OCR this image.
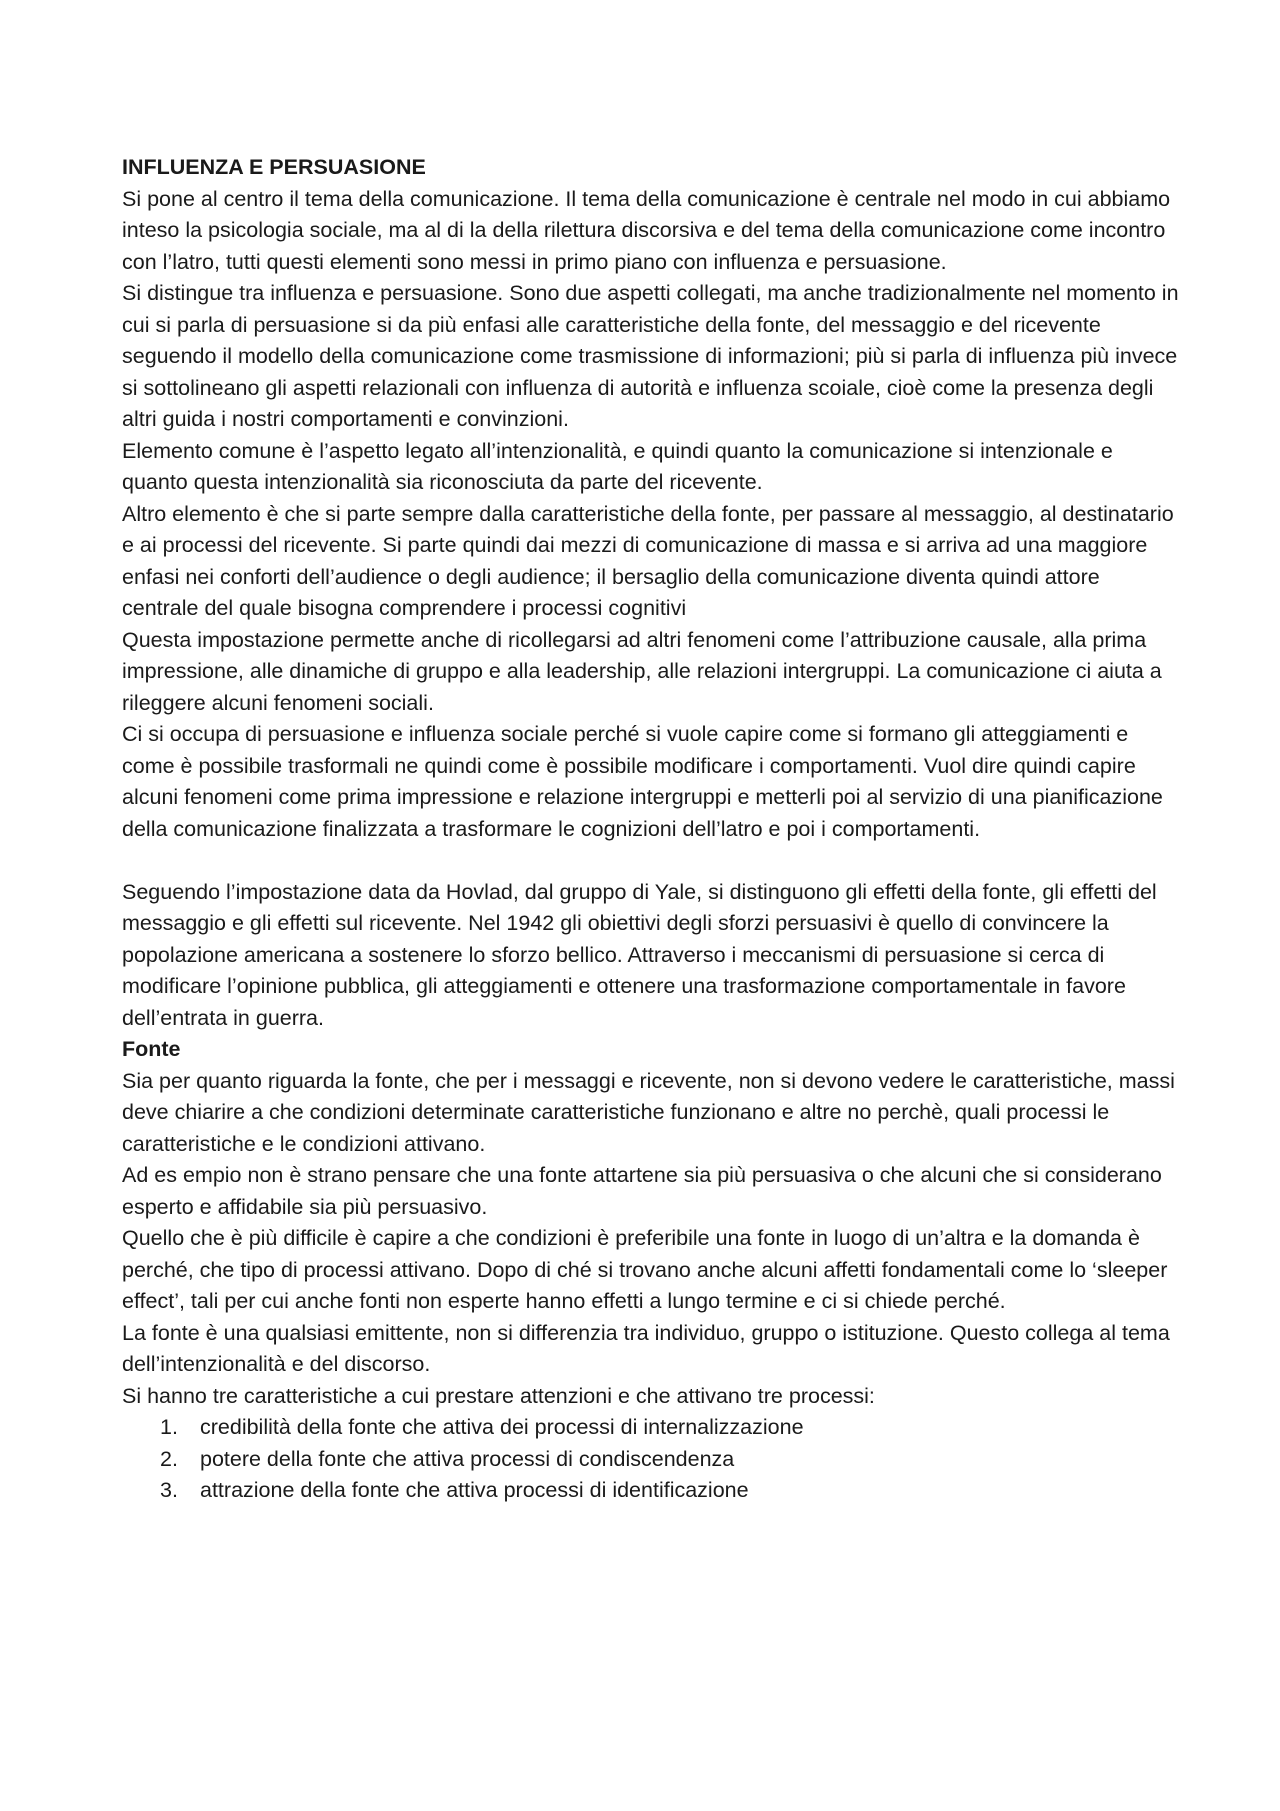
INFLUENZA E PERSUASIONE

Si pone al centro il tema della comunicazione. Il tema della comunicazione è centrale nel modo in cui abbiamo inteso la psicologia sociale, ma al di la della rilettura discorsiva e del tema della comunicazione come incontro con l’latro, tutti questi elementi sono messi in primo piano con influenza e persuasione.

Si distingue tra influenza e persuasione. Sono due aspetti collegati, ma anche tradizionalmente nel momento in cui si parla di persuasione si da più enfasi alle caratteristiche della fonte, del messaggio e del ricevente seguendo il modello della comunicazione come trasmissione di informazioni; più si parla di influenza più invece si sottolineano gli aspetti relazionali con influenza di autorità e influenza scoiale, cioè come la presenza degli altri guida i nostri comportamenti e convinzioni.

Elemento comune è l’aspetto legato all’intenzionalità, e quindi quanto la comunicazione si intenzionale e quanto questa intenzionalità sia riconosciuta da parte del ricevente.

Altro elemento è che si parte sempre dalla caratteristiche della fonte, per passare al messaggio, al destinatario e ai processi del ricevente. Si parte quindi dai mezzi di comunicazione di massa e si arriva ad una maggiore enfasi nei conforti dell’audience o degli audience; il bersaglio della comunicazione diventa quindi attore centrale del quale bisogna comprendere i processi cognitivi

Questa impostazione permette anche di ricollegarsi ad altri fenomeni come l’attribuzione causale, alla prima impressione, alle dinamiche di gruppo e alla leadership, alle relazioni intergruppi. La comunicazione ci aiuta a rileggere alcuni fenomeni sociali.

Ci si occupa di persuasione e influenza sociale perché si vuole capire come si formano gli atteggiamenti e come è possibile trasformali ne quindi come è possibile modificare i comportamenti. Vuol dire quindi capire alcuni fenomeni come prima impressione e relazione intergruppi e metterli poi al servizio di una pianificazione della comunicazione finalizzata a trasformare le cognizioni dell’latro e poi i comportamenti.

Seguendo l’impostazione data da Hovlad, dal gruppo di Yale, si distinguono gli effetti della fonte, gli effetti del messaggio e gli effetti sul ricevente. Nel 1942 gli obiettivi degli sforzi persuasivi è quello di convincere la popolazione americana a sostenere lo sforzo bellico. Attraverso i meccanismi di persuasione si cerca di modificare l’opinione pubblica, gli atteggiamenti e ottenere una trasformazione comportamentale in favore dell’entrata in guerra.

Fonte

Sia per quanto riguarda la fonte, che per i messaggi e ricevente, non si devono vedere le caratteristiche, massi deve chiarire a che condizioni determinate caratteristiche funzionano e altre no perchè, quali processi le caratteristiche e le condizioni attivano.

Ad es empio non è strano pensare che una fonte attartene sia più persuasiva o che alcuni che si considerano esperto e affidabile sia più persuasivo.

Quello che è più difficile è capire a che condizioni è preferibile una fonte in luogo di un’altra e la domanda è perché, che tipo di processi attivano. Dopo di ché si trovano anche alcuni affetti fondamentali come lo ‘sleeper effect’, tali per cui anche fonti non esperte hanno effetti a lungo termine e ci si chiede perché.

La fonte è una qualsiasi emittente, non si differenzia tra individuo, gruppo o istituzione. Questo collega al tema dell’intenzionalità e del discorso.

Si hanno tre caratteristiche a cui prestare attenzioni e che attivano tre processi:

1. credibilità della fonte che attiva dei processi di internalizzazione
2. potere della fonte che attiva processi di condiscendenza
3. attrazione della fonte che attiva processi di identificazione
